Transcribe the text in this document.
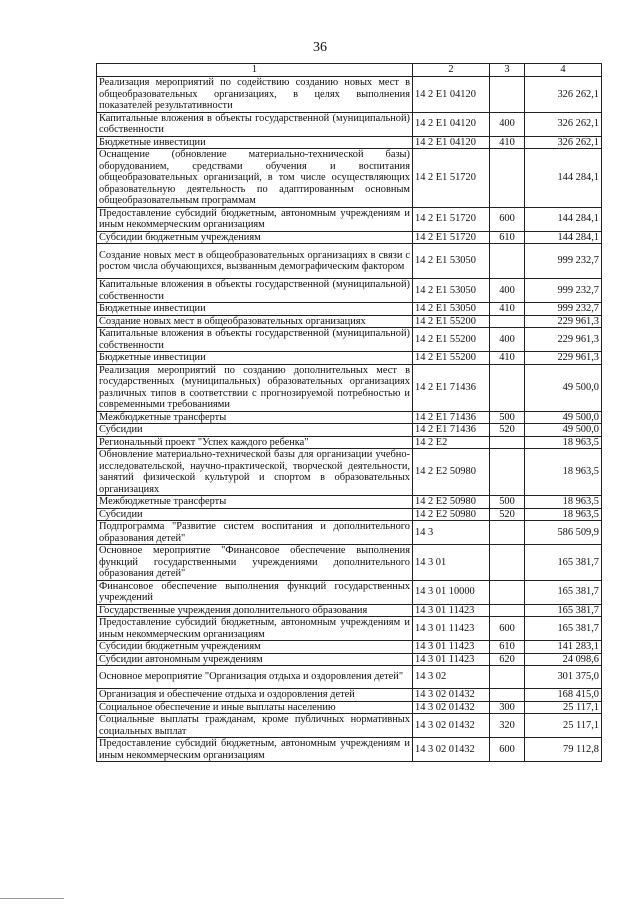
36
1	2	3	4
Реализация мероприятий по содействию созданию новых мест в общеобразовательных организациях, в целях выполнения показателей результативности	14 2 E1 04120		326 262,1
Капитальные вложения в объекты государственной (муниципальной) собственности	14 2 E1 04120	400	326 262,1
Бюджетные инвестиции	14 2 E1 04120	410	326 262,1
Оснащение (обновление материально-технической базы) оборудованием, средствами обучения и воспитания общеобразовательных организаций, в том числе осуществляющих образовательную деятельность по адаптированным основным общеобразовательным программам	14 2 E1 51720		144 284,1
Предоставление субсидий бюджетным, автономным учреждениям и иным некоммерческим организациям	14 2 E1 51720	600	144 284,1
Субсидии бюджетным учреждениям	14 2 E1 51720	610	144 284,1
Создание новых мест в общеобразовательных организациях в связи с ростом числа обучающихся, вызванным демографическим фактором	14 2 E1 53050		999 232,7
Капитальные вложения в объекты государственной (муниципальной) собственности	14 2 E1 53050	400	999 232,7
Бюджетные инвестиции	14 2 E1 53050	410	999 232,7
Создание новых мест в общеобразовательных организациях	14 2 E1 55200		229 961,3
Капитальные вложения в объекты государственной (муниципальной) собственности	14 2 E1 55200	400	229 961,3
Бюджетные инвестиции	14 2 E1 55200	410	229 961,3
Реализация мероприятий по созданию дополнительных мест в государственных (муниципальных) образовательных организациях различных типов в соответствии с прогнозируемой потребностью и современными требованиями	14 2 E1 71436		49 500,0
Межбюджетные трансферты	14 2 E1 71436	500	49 500,0
Субсидии	14 2 E1 71436	520	49 500,0
Региональный проект "Успех каждого ребенка"	14 2 E2		18 963,5
Обновление материально-технической базы для организации учебно-исследовательской, научно-практической, творческой деятельности, занятий физической культурой и спортом в образовательных организациях	14 2 E2 50980		18 963,5
Межбюджетные трансферты	14 2 E2 50980	500	18 963,5
Субсидии	14 2 E2 50980	520	18 963,5
Подпрограмма "Развитие систем воспитания и дополнительного образования детей"	14 3		586 509,9
Основное мероприятие "Финансовое обеспечение выполнения функций государственными учреждениями дополнительного образования детей"	14 3 01		165 381,7
Финансовое обеспечение выполнения функций государственных учреждений	14 3 01 10000		165 381,7
Государственные учреждения дополнительного образования	14 3 01 11423		165 381,7
Предоставление субсидий бюджетным, автономным учреждениям и иным некоммерческим организациям	14 3 01 11423	600	165 381,7
Субсидии бюджетным учреждениям	14 3 01 11423	610	141 283,1
Субсидии автономным учреждениям	14 3 01 11423	620	24 098,6
Основное мероприятие "Организация отдыха и оздоровления детей"	14 3 02		301 375,0
Организация и обеспечение отдыха и оздоровления детей	14 3 02 01432		168 415,0
Социальное обеспечение и иные выплаты населению	14 3 02 01432	300	25 117,1
Социальные выплаты гражданам, кроме публичных нормативных социальных выплат	14 3 02 01432	320	25 117,1
Предоставление субсидий бюджетным, автономным учреждениям и иным некоммерческим организациям	14 3 02 01432	600	79 112,8
